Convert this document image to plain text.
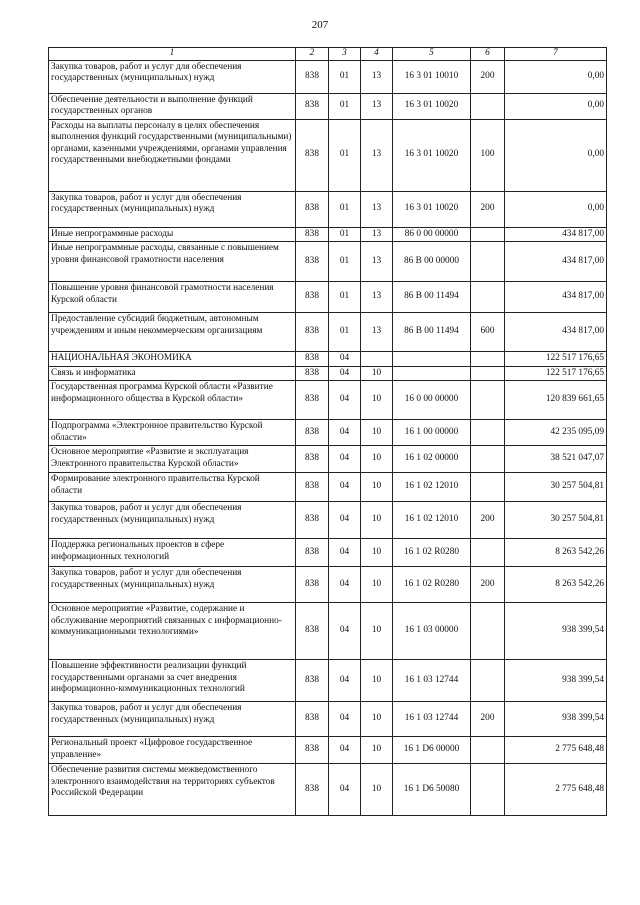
207
1	2	3	4	5	6	7
Закупка товаров, работ и услуг для обеспечения государственных (муниципальных) нужд	838	01	13	16 3 01 10010	200	0,00
Обеспечение деятельности и выполнение функций государственных органов	838	01	13	16 3 01 10020		0,00
Расходы на выплаты персоналу в целях обеспечения выполнения функций государственными (муниципальными) органами, казенными учреждениями, органами управления государственными внебюджетными фондами	838	01	13	16 3 01 10020	100	0,00
Закупка товаров, работ и услуг для обеспечения государственных (муниципальных) нужд	838	01	13	16 3 01 10020	200	0,00
Иные непрограммные расходы	838	01	13	86 0 00 00000		434 817,00
Иные непрограммные расходы, связанные с повышением уровня финансовой грамотности населения	838	01	13	86 В 00 00000		434 817,00
Повышение уровня финансовой грамотности населения Курской области	838	01	13	86 В 00 11494		434 817,00
Предоставление субсидий бюджетным, автономным учреждениям и иным некоммерческим организациям	838	01	13	86 В 00 11494	600	434 817,00
НАЦИОНАЛЬНАЯ ЭКОНОМИКА	838	04				122 517 176,65
Связь и информатика	838	04	10			122 517 176,65
Государственная программа Курской области «Развитие информационного общества в Курской области»	838	04	10	16 0 00 00000		120 839 661,65
Подпрограмма «Электронное правительство Курской области»	838	04	10	16 1 00 00000		42 235 095,09
Основное мероприятие «Развитие и эксплуатация Электронного правительства Курской области»	838	04	10	16 1 02 00000		38 521 047,07
Формирование электронного правительства Курской области	838	04	10	16 1 02 12010		30 257 504,81
Закупка товаров, работ и услуг для обеспечения государственных (муниципальных) нужд	838	04	10	16 1 02 12010	200	30 257 504,81
Поддержка региональных проектов в сфере информационных технологий	838	04	10	16 1 02 R0280		8 263 542,26
Закупка товаров, работ и услуг для обеспечения государственных (муниципальных) нужд	838	04	10	16 1 02 R0280	200	8 263 542,26
Основное мероприятие «Развитие, содержание и обслуживание мероприятий связанных с информационно-коммуникационными технологиями»	838	04	10	16 1 03 00000		938 399,54
Повышение эффективности реализации функций государственными органами за счет внедрения информационно-коммуникационных технологий	838	04	10	16 1 03 12744		938 399,54
Закупка товаров, работ и услуг для обеспечения государственных (муниципальных) нужд	838	04	10	16 1 03 12744	200	938 399,54
Региональный проект «Цифровое государственное управление»	838	04	10	16 1 D6 00000		2 775 648,48
Обеспечение развития системы межведомственного электронного взаимодействия на территориях субъектов Российской Федерации	838	04	10	16 1 D6 50080		2 775 648,48
